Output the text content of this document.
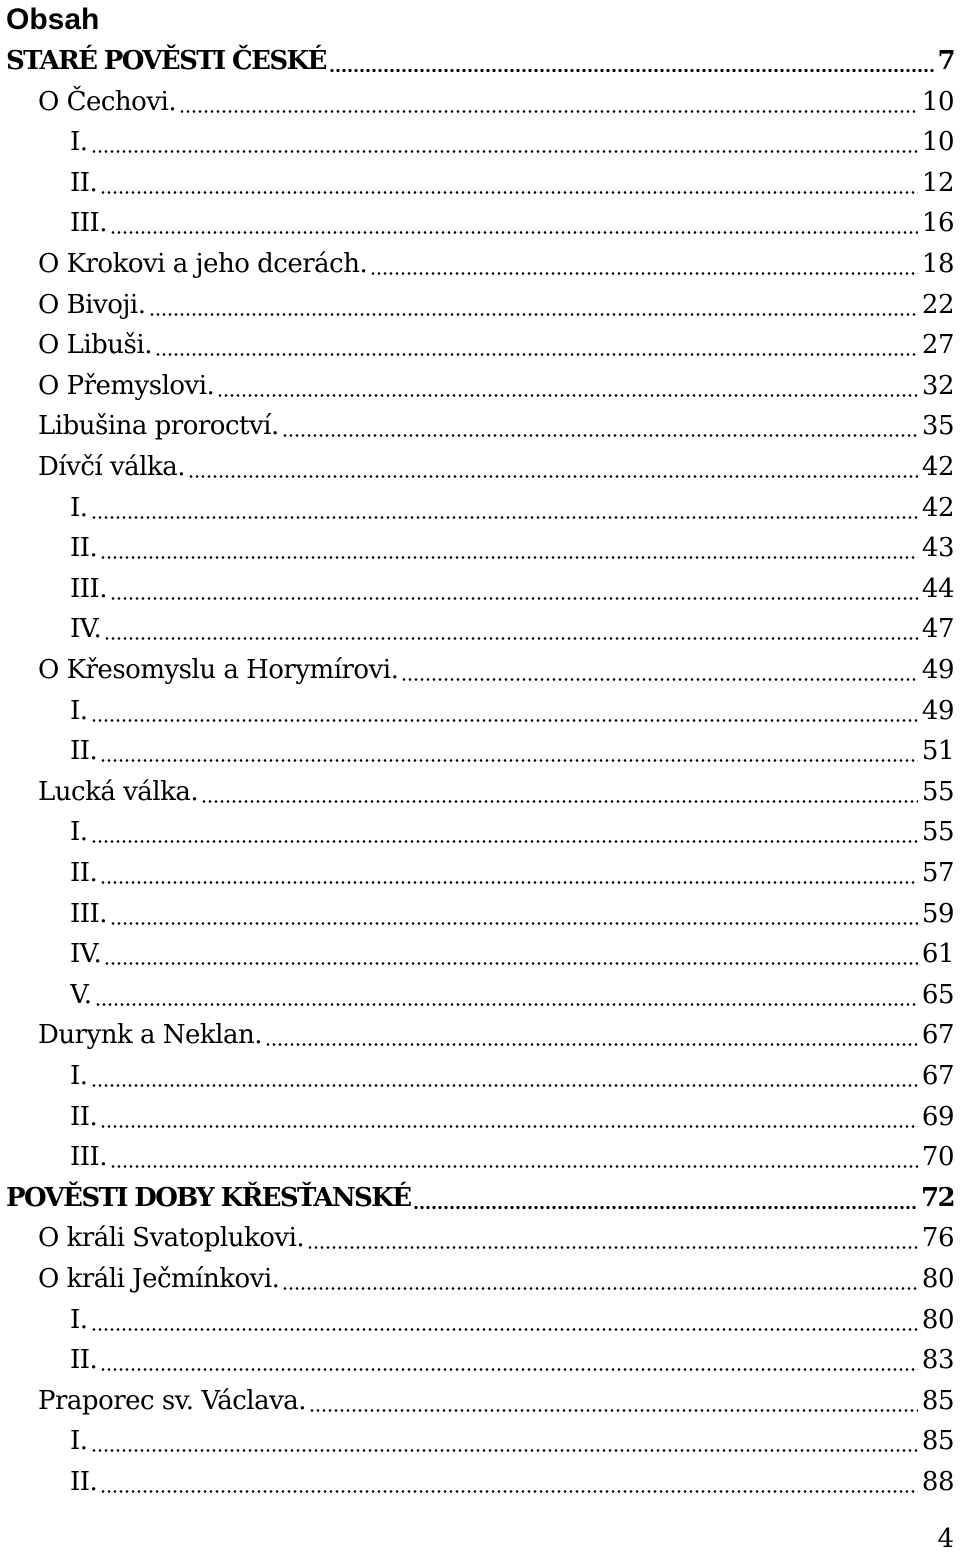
Obsah
STARÉ POVĚSTI ČESKÉ	7
O Čechovi.	10
I.	10
II.	12
III.	16
O Krokovi a jeho dcerách.	18
O Bivoji.	22
O Libuši.	27
O Přemyslovi.	32
Libušina proroctví.	35
Dívčí válka.	42
I.	42
II.	43
III.	44
IV.	47
O Křesomyslu a Horymírovi.	49
I.	49
II.	51
Lucká válka.	55
I.	55
II.	57
III.	59
IV.	61
V.	65
Durynk a Neklan.	67
I.	67
II.	69
III.	70
POVĚSTI DOBY KŘESŤANSKÉ	72
O králi Svatoplukovi.	76
O králi Ječmínkovi.	80
I.	80
II.	83
Praporec sv. Václava.	85
I.	85
II.	88
4
